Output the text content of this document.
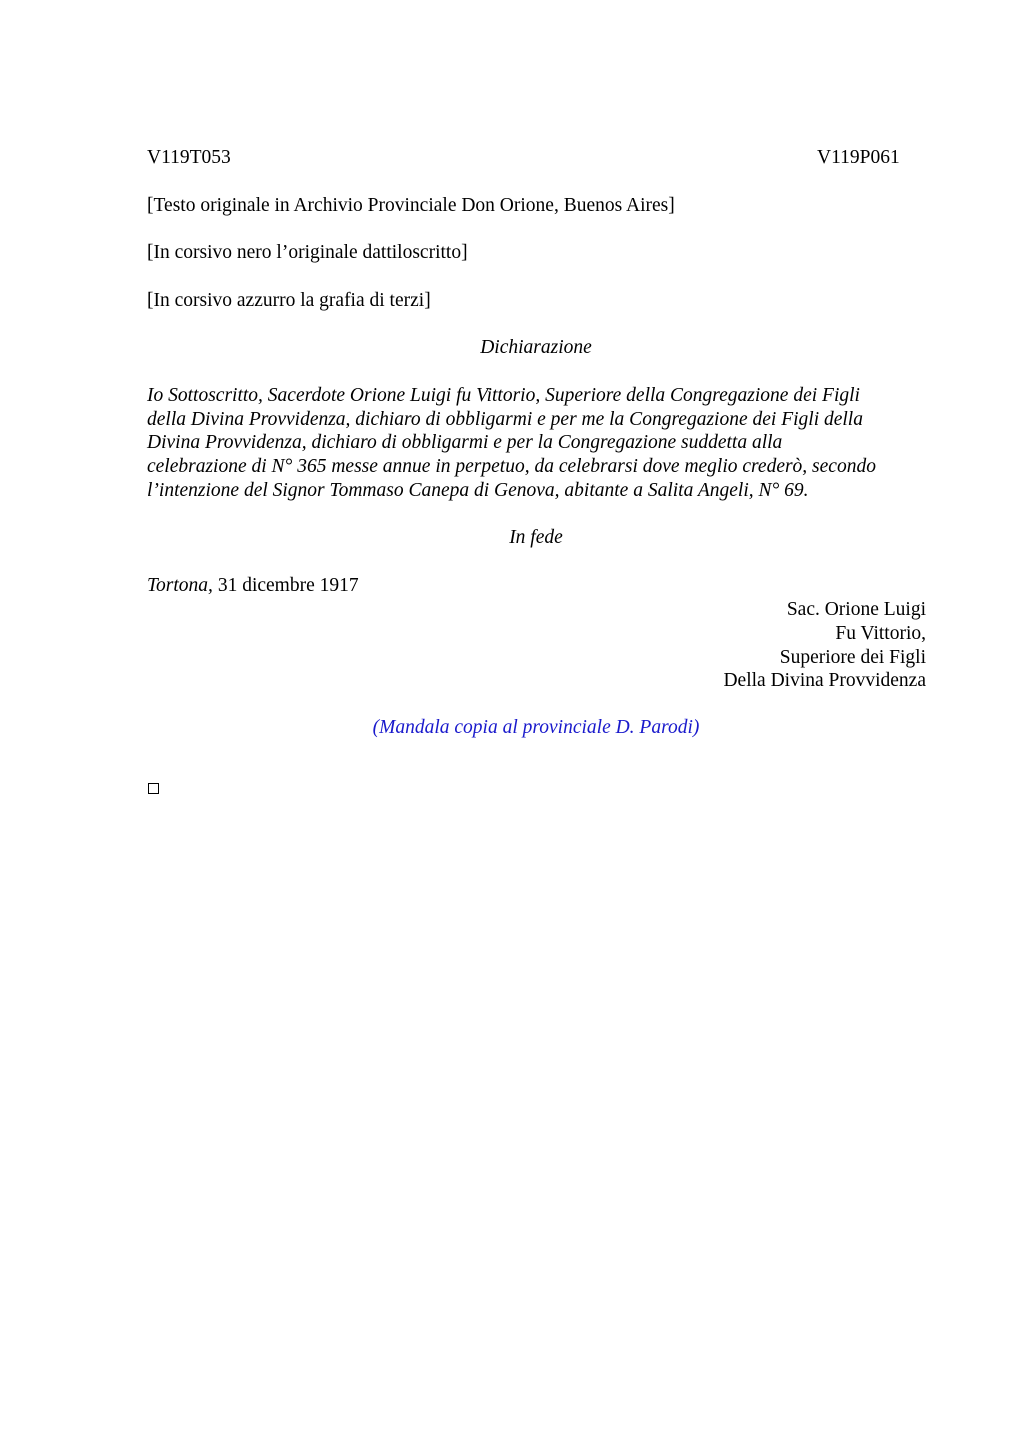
V119T053	V119P061
[Testo originale in Archivio Provinciale Don Orione, Buenos Aires]
[In corsivo nero l’originale dattiloscritto]
[In corsivo azzurro la grafia di terzi]
Dichiarazione
Io Sottoscritto, Sacerdote Orione Luigi fu Vittorio, Superiore della Congregazione dei Figli
della Divina Provvidenza, dichiaro di obbligarmi e per me la Congregazione dei Figli della
Divina Provvidenza, dichiaro di obbligarmi e per la Congregazione suddetta alla
celebrazione di N° 365 messe annue in perpetuo, da celebrarsi dove meglio crederò, secondo
l’intenzione del Signor Tommaso Canepa di Genova, abitante a Salita Angeli, N° 69.
In fede
Tortona, 31 dicembre 1917
Sac. Orione Luigi
Fu Vittorio,
Superiore dei Figli
Della Divina Provvidenza
(Mandala copia al provinciale D. Parodi)
